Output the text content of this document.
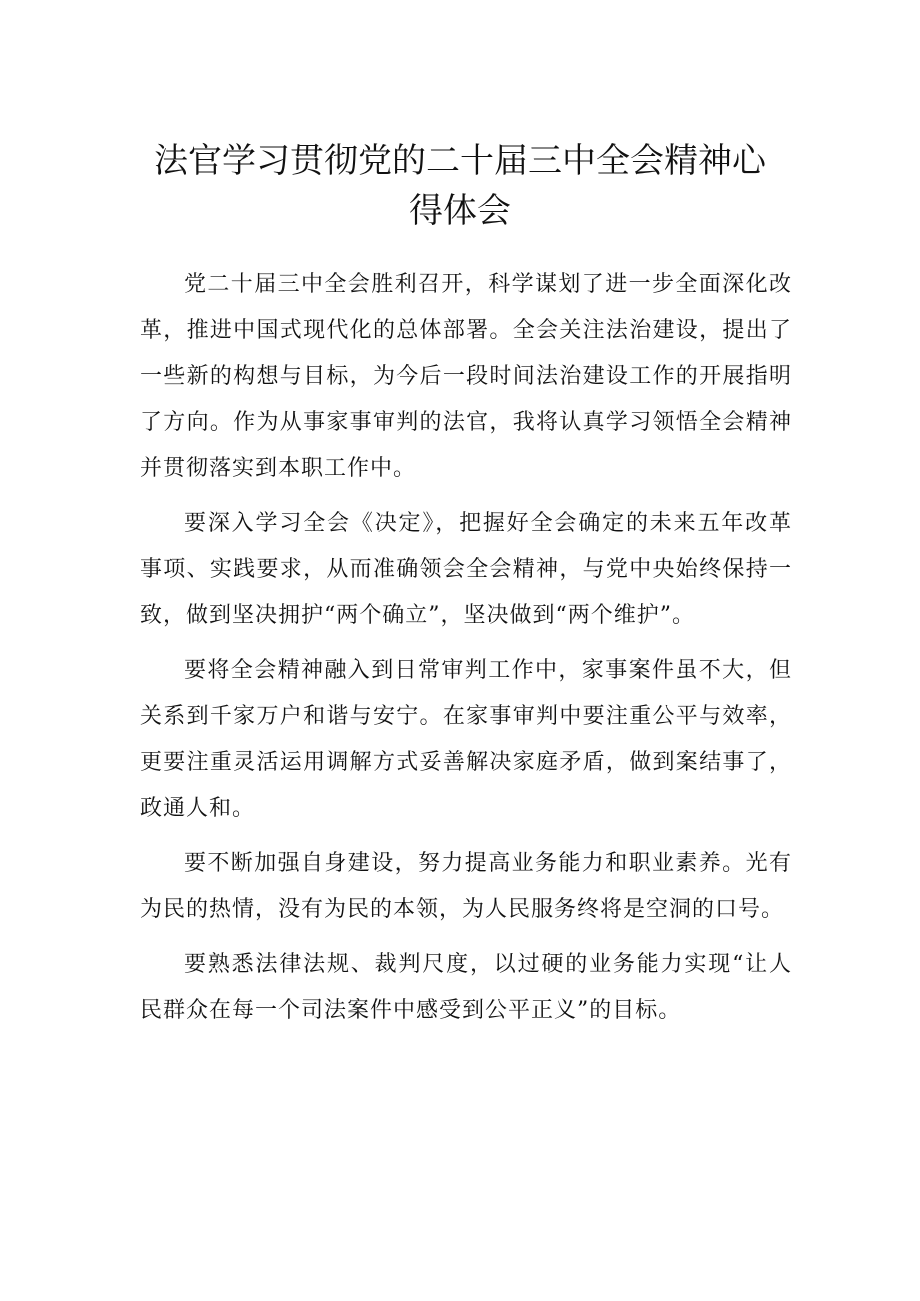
法官学习贯彻党的二十届三中全会精神心得体会

党二十届三中全会胜利召开，科学谋划了进一步全面深化改革，推进中国式现代化的总体部署。全会关注法治建设，提出了一些新的构想与目标，为今后一段时间法治建设工作的开展指明了方向。作为从事家事审判的法官，我将认真学习领悟全会精神并贯彻落实到本职工作中。

要深入学习全会《决定》，把握好全会确定的未来五年改革事项、实践要求，从而准确领会全会精神，与党中央始终保持一致，做到坚决拥护“两个确立”，坚决做到“两个维护”。

要将全会精神融入到日常审判工作中，家事案件虽不大，但关系到千家万户和谐与安宁。在家事审判中要注重公平与效率，更要注重灵活运用调解方式妥善解决家庭矛盾，做到案结事了，政通人和。

要不断加强自身建设，努力提高业务能力和职业素养。光有为民的热情，没有为民的本领，为人民服务终将是空洞的口号。

要熟悉法律法规、裁判尺度，以过硬的业务能力实现“让人民群众在每一个司法案件中感受到公平正义”的目标。
